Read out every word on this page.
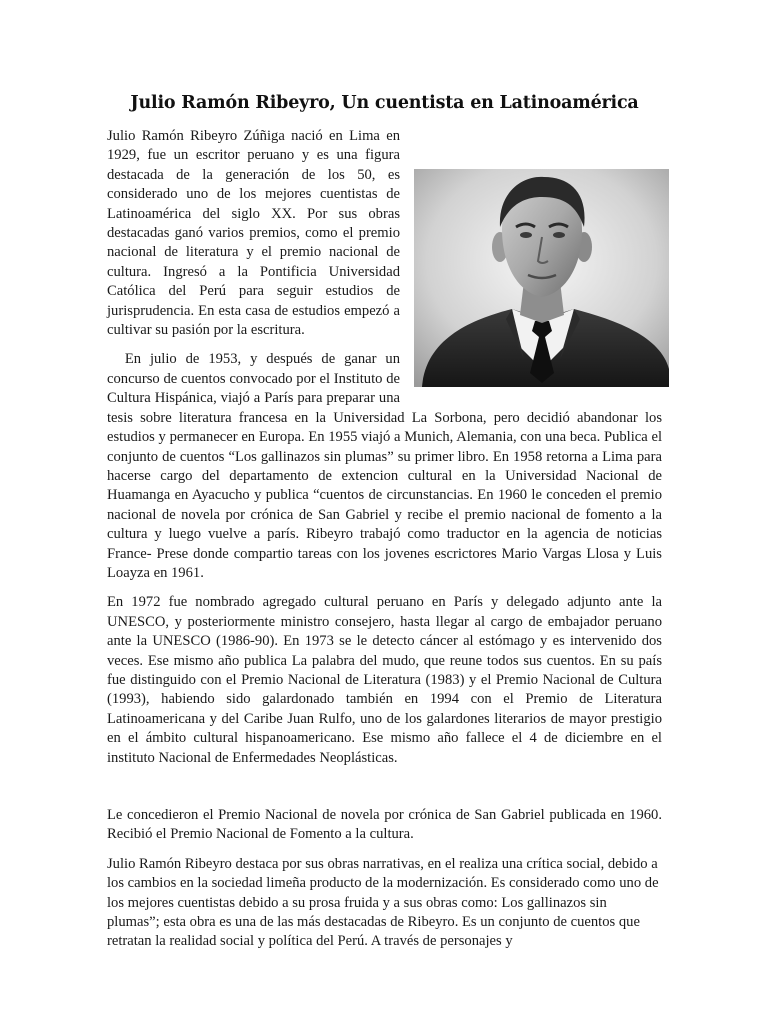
Julio Ramón Ribeyro, Un cuentista en Latinoamérica

Julio Ramón Ribeyro Zúñiga nació en Lima en 1929, fue un escritor peruano y es una figura destacada de la generación de los 50, es considerado uno de los mejores cuentistas de Latinoamérica del siglo XX. Por sus obras destacadas ganó varios premios, como el premio nacional de literatura y el premio nacional de cultura. Ingresó a la Pontificia Universidad Católica del Perú para seguir estudios de jurisprudencia. En esta casa de estudios empezó a cultivar su pasión por la escritura.

En julio de 1953, y después de ganar un concurso de cuentos convocado por el Instituto de Cultura Hispánica, viajó a París para preparar una tesis sobre literatura francesa en la Universidad La Sorbona, pero decidió abandonar los estudios y permanecer en Europa. En 1955 viajó a Munich, Alemania, con una beca. Publica el conjunto de cuentos “Los gallinazos sin plumas” su primer libro. En 1958 retorna a Lima para hacerse cargo del departamento de extencion cultural en la Universidad Nacional de Huamanga en Ayacucho y publica “cuentos de circunstancias. En 1960 le conceden el premio nacional de novela por crónica de San Gabriel y recibe el premio nacional de fomento a la cultura y luego vuelve a parís. Ribeyro trabajó como traductor en la agencia de noticias France- Prese donde compartio tareas con los jovenes escrictores Mario Vargas Llosa y Luis Loayza en 1961.

En 1972 fue nombrado agregado cultural peruano en París y delegado adjunto ante la UNESCO, y posteriormente ministro consejero, hasta llegar al cargo de embajador peruano ante la UNESCO (1986-90). En 1973 se le detecto cáncer al estómago y es intervenido dos veces. Ese mismo año publica La palabra del mudo, que reune todos sus cuentos. En su país fue distinguido con el Premio Nacional de Literatura (1983) y el Premio Nacional de Cultura (1993), habiendo sido galardonado también en 1994 con el Premio de Literatura Latinoamericana y del Caribe Juan Rulfo, uno de los galardones literarios de mayor prestigio en el ámbito cultural hispanoamericano. Ese mismo año fallece el 4 de diciembre en el instituto Nacional de Enfermedades Neoplásticas.

Le concedieron el Premio Nacional de novela por crónica de San Gabriel publicada en 1960. Recibió el Premio Nacional de Fomento a la cultura.

Julio Ramón Ribeyro destaca por sus obras narrativas, en el realiza una crítica social, debido a los cambios en la sociedad limeña producto de la modernización. Es considerado como uno de los mejores cuentistas debido a su prosa fruida y a sus obras como: Los gallinazos sin plumas”; esta obra es una de las más destacadas de Ribeyro. Es un conjunto de cuentos que retratan la realidad social y política del Perú. A través de personajes y
